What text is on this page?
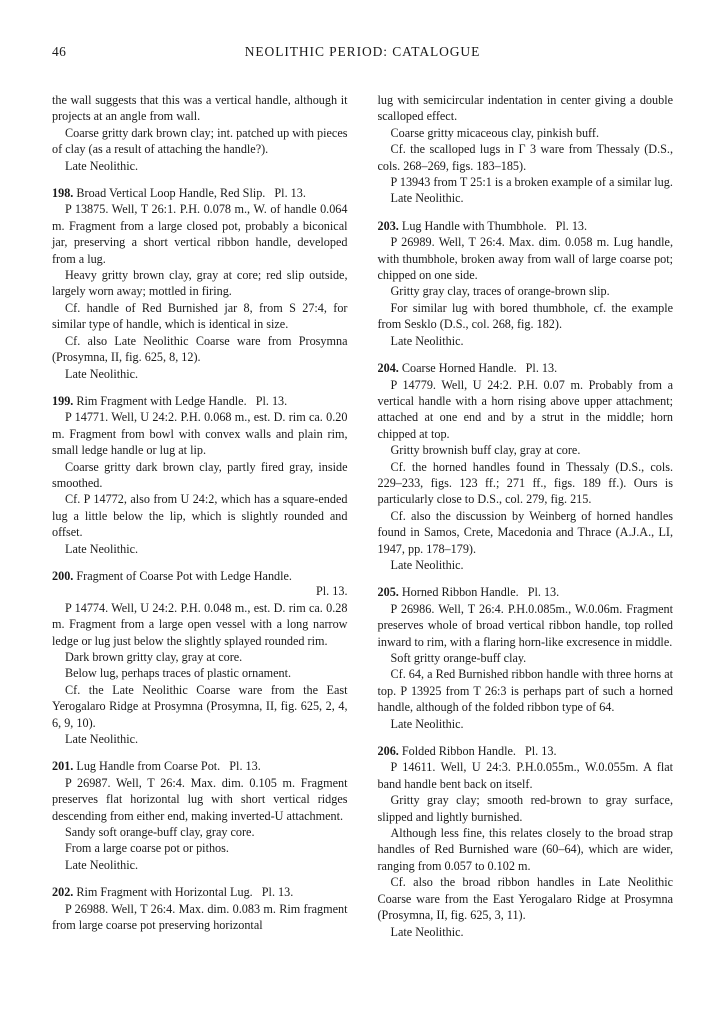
46	NEOLITHIC PERIOD: CATALOGUE

the wall suggests that this was a vertical handle, although it projects at an angle from wall.

Coarse gritty dark brown clay; int. patched up with pieces of clay (as a result of attaching the handle?).

Late Neolithic.

198. Broad Vertical Loop Handle, Red Slip. Pl. 13.

P 13875. Well, T 26:1. P.H. 0.078 m., W. of handle 0.064 m. Fragment from a large closed pot, probably a biconical jar, preserving a short vertical ribbon handle, developed from a lug.

Heavy gritty brown clay, gray at core; red slip outside, largely worn away; mottled in firing.

Cf. handle of Red Burnished jar 8, from S 27:4, for similar type of handle, which is identical in size.

Cf. also Late Neolithic Coarse ware from Prosymna (Prosymna, II, fig. 625, 8, 12).

Late Neolithic.

199. Rim Fragment with Ledge Handle. Pl. 13.

P 14771. Well, U 24:2. P.H. 0.068 m., est. D. rim ca. 0.20 m. Fragment from bowl with convex walls and plain rim, small ledge handle or lug at lip.

Coarse gritty dark brown clay, partly fired gray, inside smoothed.

Cf. P 14772, also from U 24:2, which has a square-ended lug a little below the lip, which is slightly rounded and offset.

Late Neolithic.

200. Fragment of Coarse Pot with Ledge Handle.

Pl. 13.

P 14774. Well, U 24:2. P.H. 0.048 m., est. D. rim ca. 0.28 m. Fragment from a large open vessel with a long narrow ledge or lug just below the slightly splayed rounded rim.

Dark brown gritty clay, gray at core.

Below lug, perhaps traces of plastic ornament.

Cf. the Late Neolithic Coarse ware from the East Yerogalaro Ridge at Prosymna (Prosymna, II, fig. 625, 2, 4, 6, 9, 10).

Late Neolithic.

201. Lug Handle from Coarse Pot. Pl. 13.

P 26987. Well, T 26:4. Max. dim. 0.105 m. Fragment preserves flat horizontal lug with short vertical ridges descending from either end, making inverted-U attachment.

Sandy soft orange-buff clay, gray core.

From a large coarse pot or pithos.

Late Neolithic.

202. Rim Fragment with Horizontal Lug. Pl. 13.

P 26988. Well, T 26:4. Max. dim. 0.083 m. Rim fragment from large coarse pot preserving horizontal

lug with semicircular indentation in center giving a double scalloped effect.

Coarse gritty micaceous clay, pinkish buff.

Cf. the scalloped lugs in Γ 3 ware from Thessaly (D.S., cols. 268–269, figs. 183–185).

P 13943 from T 25:1 is a broken example of a similar lug.

Late Neolithic.

203. Lug Handle with Thumbhole. Pl. 13.

P 26989. Well, T 26:4. Max. dim. 0.058 m. Lug handle, with thumbhole, broken away from wall of large coarse pot; chipped on one side.

Gritty gray clay, traces of orange-brown slip.

For similar lug with bored thumbhole, cf. the example from Sesklo (D.S., col. 268, fig. 182).

Late Neolithic.

204. Coarse Horned Handle. Pl. 13.

P 14779. Well, U 24:2. P.H. 0.07 m. Probably from a vertical handle with a horn rising above upper attachment; attached at one end and by a strut in the middle; horn chipped at top.

Gritty brownish buff clay, gray at core.

Cf. the horned handles found in Thessaly (D.S., cols. 229–233, figs. 123 ff.; 271 ff., figs. 189 ff.). Ours is particularly close to D.S., col. 279, fig. 215.

Cf. also the discussion by Weinberg of horned handles found in Samos, Crete, Macedonia and Thrace (A.J.A., LI, 1947, pp. 178–179).

Late Neolithic.

205. Horned Ribbon Handle. Pl. 13.

P 26986. Well, T 26:4. P.H.0.085m., W.0.06m. Fragment preserves whole of broad vertical ribbon handle, top rolled inward to rim, with a flaring horn-like excresence in middle.

Soft gritty orange-buff clay.

Cf. 64, a Red Burnished ribbon handle with three horns at top. P 13925 from T 26:3 is perhaps part of such a horned handle, although of the folded ribbon type of 64.

Late Neolithic.

206. Folded Ribbon Handle. Pl. 13.

P 14611. Well, U 24:3. P.H.0.055m., W.0.055m. A flat band handle bent back on itself.

Gritty gray clay; smooth red-brown to gray surface, slipped and lightly burnished.

Although less fine, this relates closely to the broad strap handles of Red Burnished ware (60–64), which are wider, ranging from 0.057 to 0.102 m.

Cf. also the broad ribbon handles in Late Neolithic Coarse ware from the East Yerogalaro Ridge at Prosymna (Prosymna, II, fig. 625, 3, 11).

Late Neolithic.
